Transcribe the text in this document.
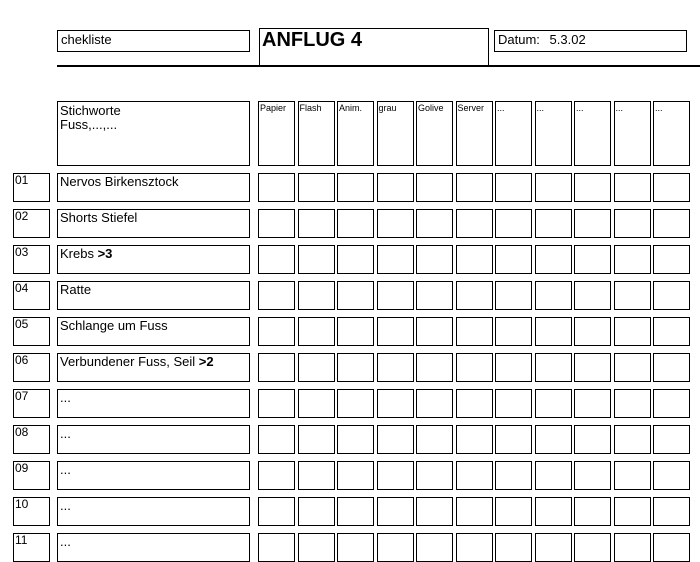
chekliste	ANFLUG 4	Datum: 5.3.02
Stichworte
Fuss,...,...
Papier	Flash	Anim.	grau	Golive	Server	...	...	...	...	...
01	Nervos Birkensztock
02	Shorts Stiefel
03	Krebs >3
04	Ratte
05	Schlange um Fuss
06	Verbundener Fuss, Seil >2
07	...
08	...
09	...
10	...
11	...
